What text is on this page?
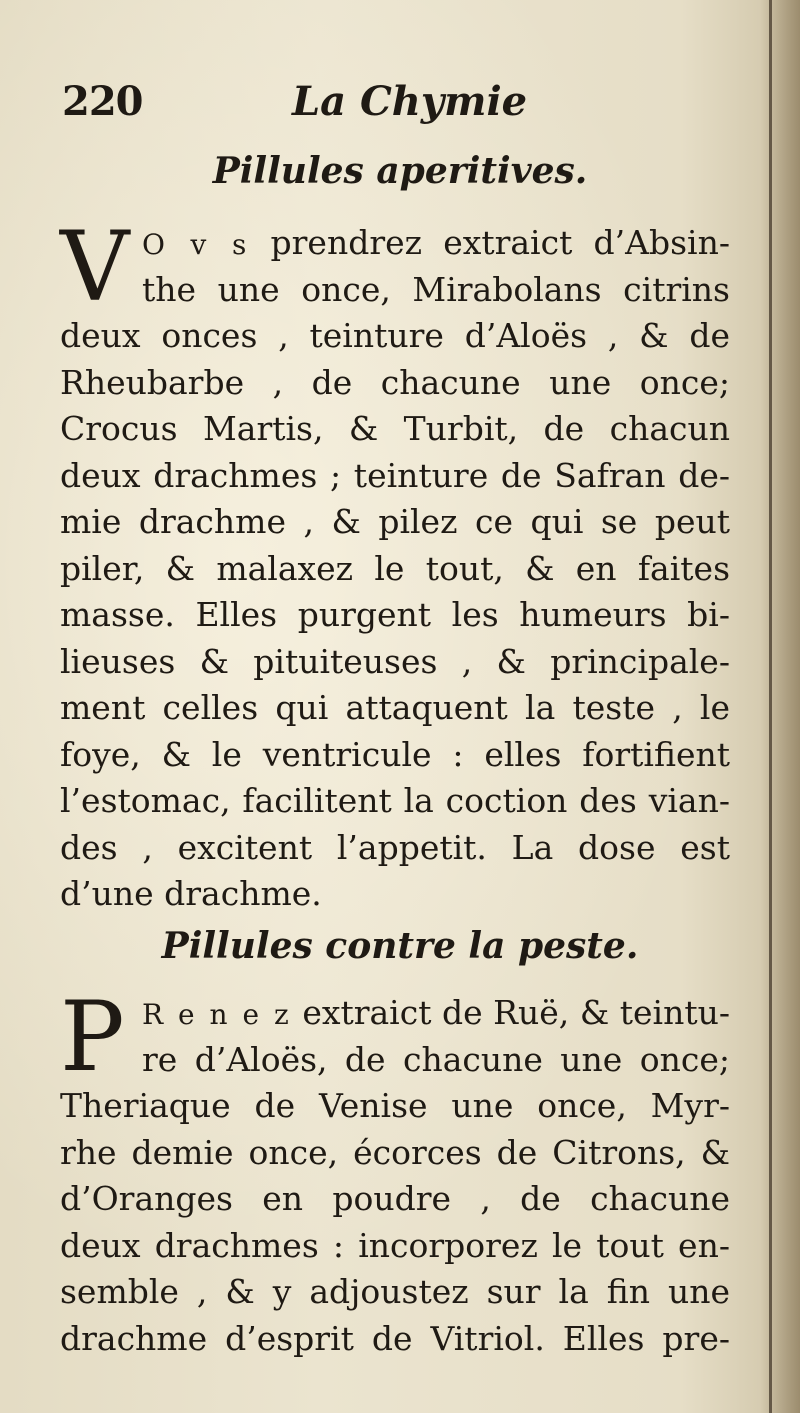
220	La Chymie
Pillules aperitives.
V O v s prendrez extraict d’Absin-
the une once, Mirabolans citrins
deux onces , teinture d’Aloës , & de
Rheubarbe , de chacune une once;
Crocus Martis, & Turbit, de chacun
deux drachmes ; teinture de Safran de-
mie drachme , & pilez ce qui se peut
piler, & malaxez le tout, & en faites
masse. Elles purgent les humeurs bi-
lieuses & pituiteuses , & principale-
ment celles qui attaquent la teste , le
foye, & le ventricule : elles fortifient
l’estomac, facilitent la coction des vian-
des , excitent l’appetit. La dose est
d’une drachme.
Pillules contre la peste.
P R e n e z extraict de Ruë, & teintu-
re d’Aloës, de chacune une once;
Theriaque de Venise une once, Myr-
rhe demie once, écorces de Citrons, &
d’Oranges en poudre , de chacune
deux drachmes : incorporez le tout en-
semble , & y adjoustez sur la fin une
drachme d’esprit de Vitriol. Elles pre-
